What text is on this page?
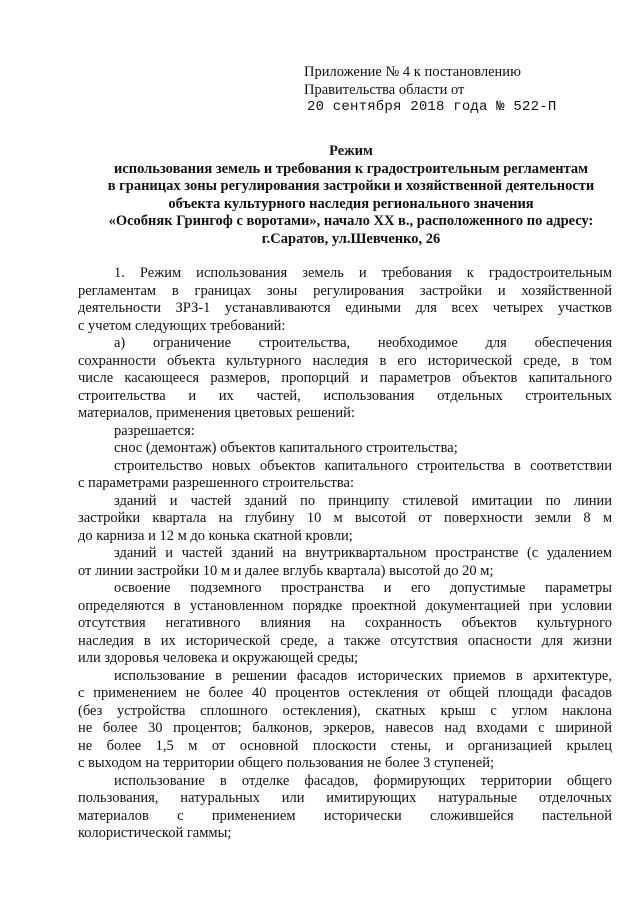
Приложение № 4 к постановлению
Правительства области от
20 сентября 2018 года № 522-П
Режим
использования земель и требования к градостроительным регламентам
в границах зоны регулирования застройки и хозяйственной деятельности
объекта культурного наследия регионального значения
«Особняк Грингоф с воротами», начало XX в., расположенного по адресу:
г.Саратов, ул.Шевченко, 26
1. Режим использования земель и требования к градостроительным
регламентам в границах зоны регулирования застройки и хозяйственной
деятельности ЗРЗ-1 устанавливаются едиными для всех четырех участков
с учетом следующих требований:
а) ограничение строительства, необходимое для обеспечения
сохранности объекта культурного наследия в его исторической среде, в том
числе касающееся размеров, пропорций и параметров объектов капитального
строительства и их частей, использования отдельных строительных
материалов, применения цветовых решений:
разрешается:
снос (демонтаж) объектов капитального строительства;
строительство новых объектов капитального строительства в соответствии
с параметрами разрешенного строительства:
зданий и частей зданий по принципу стилевой имитации по линии
застройки квартала на глубину 10 м высотой от поверхности земли 8 м
до карниза и 12 м до конька скатной кровли;
зданий и частей зданий на внутриквартальном пространстве (с удалением
от линии застройки 10 м и далее вглубь квартала) высотой до 20 м;
освоение подземного пространства и его допустимые параметры
определяются в установленном порядке проектной документацией при условии
отсутствия негативного влияния на сохранность объектов культурного
наследия в их исторической среде, а также отсутствия опасности для жизни
или здоровья человека и окружающей среды;
использование в решении фасадов исторических приемов в архитектуре,
с применением не более 40 процентов остекления от общей площади фасадов
(без устройства сплошного остекления), скатных крыш с углом наклона
не более 30 процентов; балконов, эркеров, навесов над входами с шириной
не более 1,5 м от основной плоскости стены, и организацией крылец
с выходом на территории общего пользования не более 3 ступеней;
использование в отделке фасадов, формирующих территории общего
пользования, натуральных или имитирующих натуральные отделочных
материалов с применением исторически сложившейся пастельной
колористической гаммы;
